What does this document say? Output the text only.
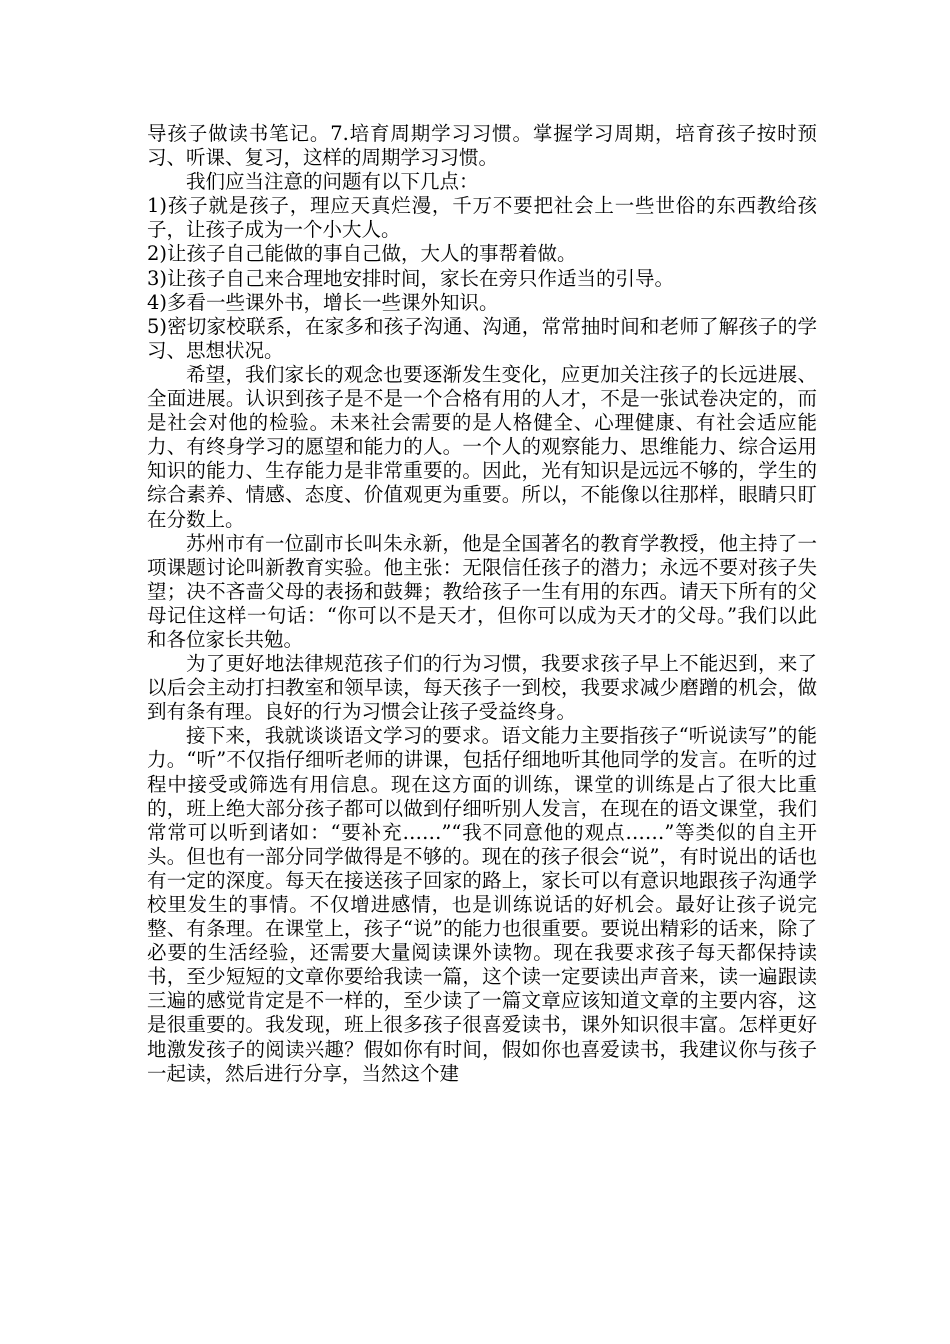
导孩子做读书笔记。7.培育周期学习习惯。掌握学习周期，培育孩子按时预习、听课、复习，这样的周期学习习惯。

我们应当注意的问题有以下几点：

1)孩子就是孩子，理应天真烂漫，千万不要把社会上一些世俗的东西教给孩子，让孩子成为一个小大人。

2)让孩子自己能做的事自己做，大人的事帮着做。

3)让孩子自己来合理地安排时间，家长在旁只作适当的引导。

4)多看一些课外书，增长一些课外知识。

5)密切家校联系，在家多和孩子沟通、沟通，常常抽时间和老师了解孩子的学习、思想状况。

希望，我们家长的观念也要逐渐发生变化，应更加关注孩子的长远进展、全面进展。认识到孩子是不是一个合格有用的人才，不是一张试卷决定的，而是社会对他的检验。未来社会需要的是人格健全、心理健康、有社会适应能力、有终身学习的愿望和能力的人。一个人的观察能力、思维能力、综合运用知识的能力、生存能力是非常重要的。因此，光有知识是远远不够的，学生的综合素养、情感、态度、价值观更为重要。所以，不能像以往那样，眼睛只盯在分数上。

苏州市有一位副市长叫朱永新，他是全国著名的教育学教授，他主持了一项课题讨论叫新教育实验。他主张：无限信任孩子的潜力；永远不要对孩子失望；决不吝啬父母的表扬和鼓舞；教给孩子一生有用的东西。请天下所有的父母记住这样一句话：“你可以不是天才，但你可以成为天才的父母。”我们以此和各位家长共勉。

为了更好地法律规范孩子们的行为习惯，我要求孩子早上不能迟到，来了以后会主动打扫教室和领早读，每天孩子一到校，我要求减少磨蹭的机会，做到有条有理。良好的行为习惯会让孩子受益终身。

接下来，我就谈谈语文学习的要求。语文能力主要指孩子“听说读写”的能力。“听”不仅指仔细听老师的讲课，包括仔细地听其他同学的发言。在听的过程中接受或筛选有用信息。现在这方面的训练，课堂的训练是占了很大比重的，班上绝大部分孩子都可以做到仔细听别人发言，在现在的语文课堂，我们常常可以听到诸如：“要补充……”“我不同意他的观点……”等类似的自主开头。但也有一部分同学做得是不够的。现在的孩子很会“说”，有时说出的话也有一定的深度。每天在接送孩子回家的路上，家长可以有意识地跟孩子沟通学校里发生的事情。不仅增进感情，也是训练说话的好机会。最好让孩子说完整、有条理。在课堂上，孩子“说”的能力也很重要。要说出精彩的话来，除了必要的生活经验，还需要大量阅读课外读物。现在我要求孩子每天都保持读书，至少短短的文章你要给我读一篇，这个读一定要读出声音来，读一遍跟读三遍的感觉肯定是不一样的，至少读了一篇文章应该知道文章的主要内容，这是很重要的。我发现，班上很多孩子很喜爱读书，课外知识很丰富。怎样更好地激发孩子的阅读兴趣？假如你有时间，假如你也喜爱读书，我建议你与孩子一起读，然后进行分享，当然这个建
